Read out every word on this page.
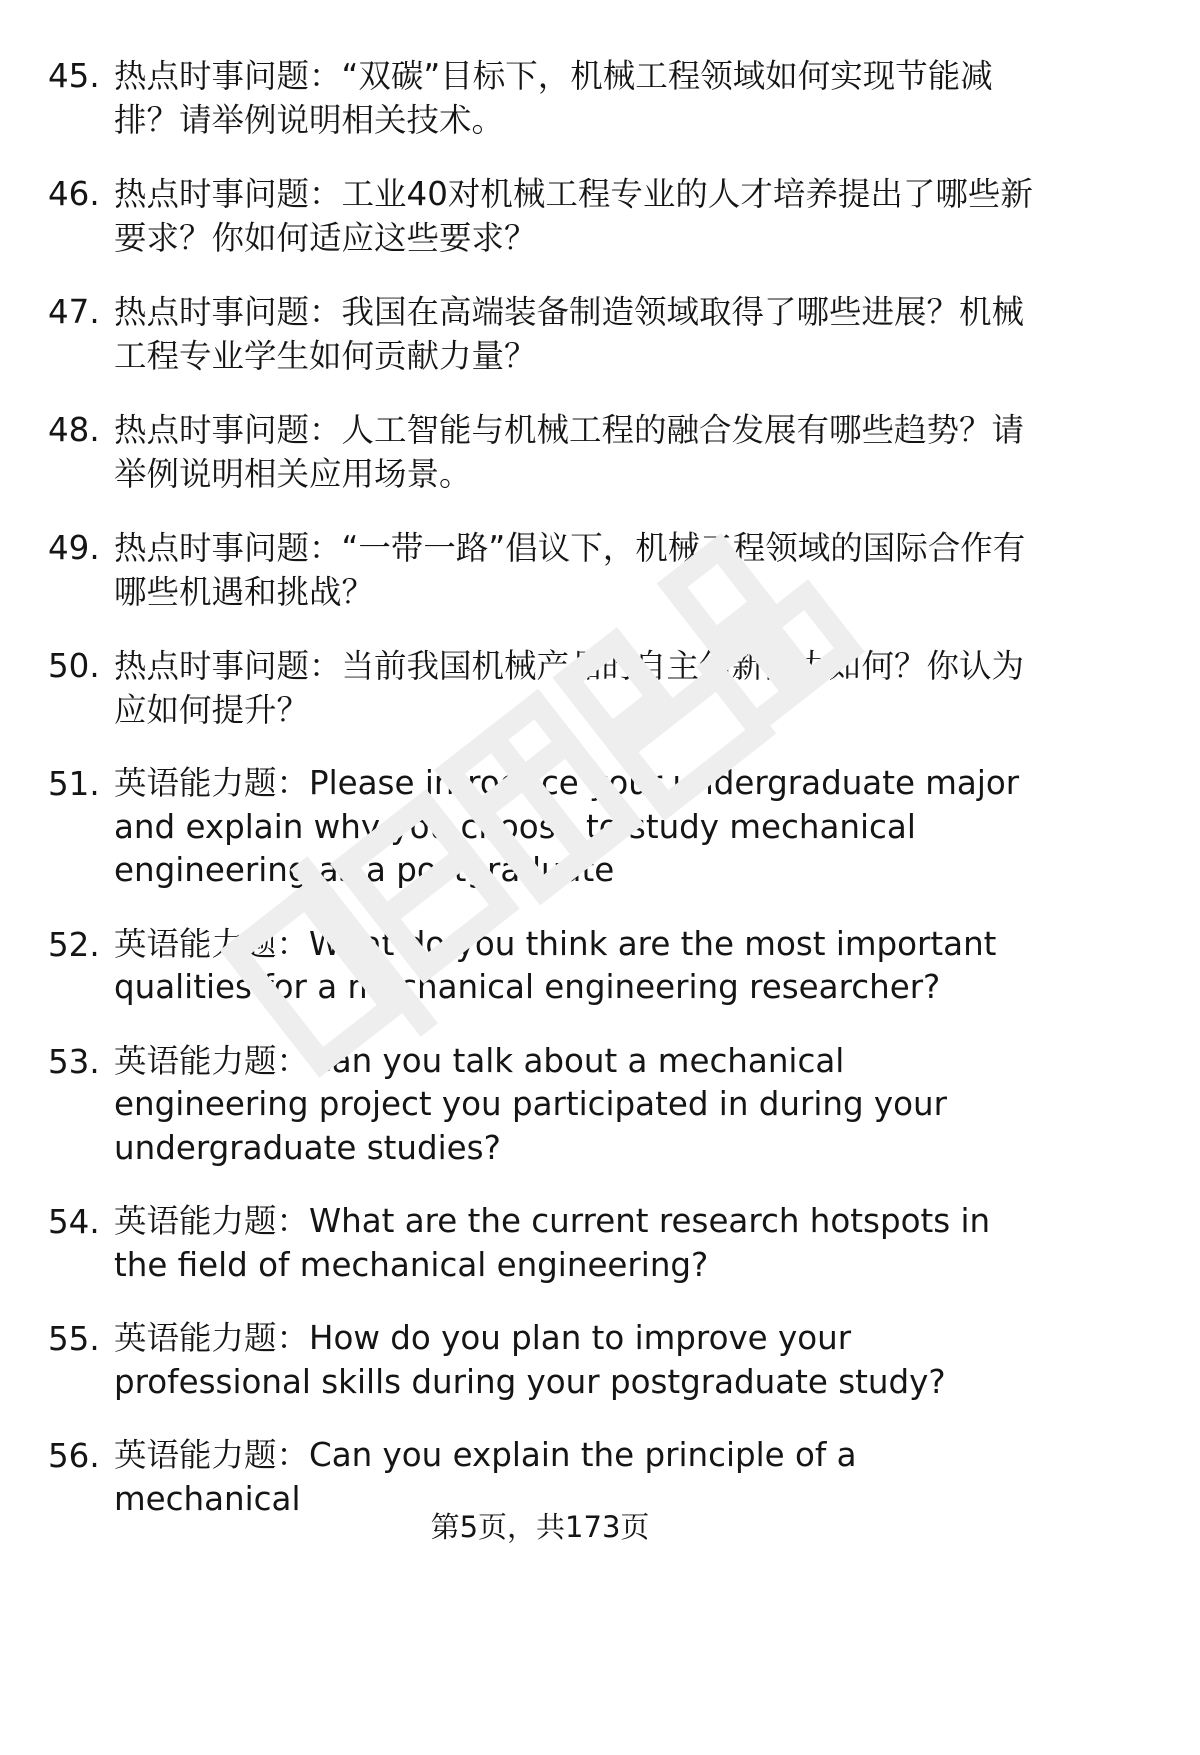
45. 热点时事问题：“双碳”目标下，机械工程领域如何实现节能减排？请举例说明相关技术。
46. 热点时事问题：工业40对机械工程专业的人才培养提出了哪些新要求？你如何适应这些要求？
47. 热点时事问题：我国在高端装备制造领域取得了哪些进展？机械工程专业学生如何贡献力量？
48. 热点时事问题：人工智能与机械工程的融合发展有哪些趋势？请举例说明相关应用场景。
49. 热点时事问题：“一带一路”倡议下，机械工程领域的国际合作有哪些机遇和挑战？
50. 热点时事问题：当前我国机械产品的自主创新能力如何？你认为应如何提升？
51. 英语能力题：Please introduce your undergraduate major and explain why you choose to study mechanical engineering as a postgraduate
52. 英语能力题：What do you think are the most important qualities for a mechanical engineering researcher?
53. 英语能力题：Can you talk about a mechanical engineering project you participated in during your undergraduate studies?
54. 英语能力题：What are the current research hotspots in the field of mechanical engineering?
55. 英语能力题：How do you plan to improve your professional skills during your postgraduate study?
56. 英语能力题：Can you explain the principle of a mechanical
第5页，共173页
